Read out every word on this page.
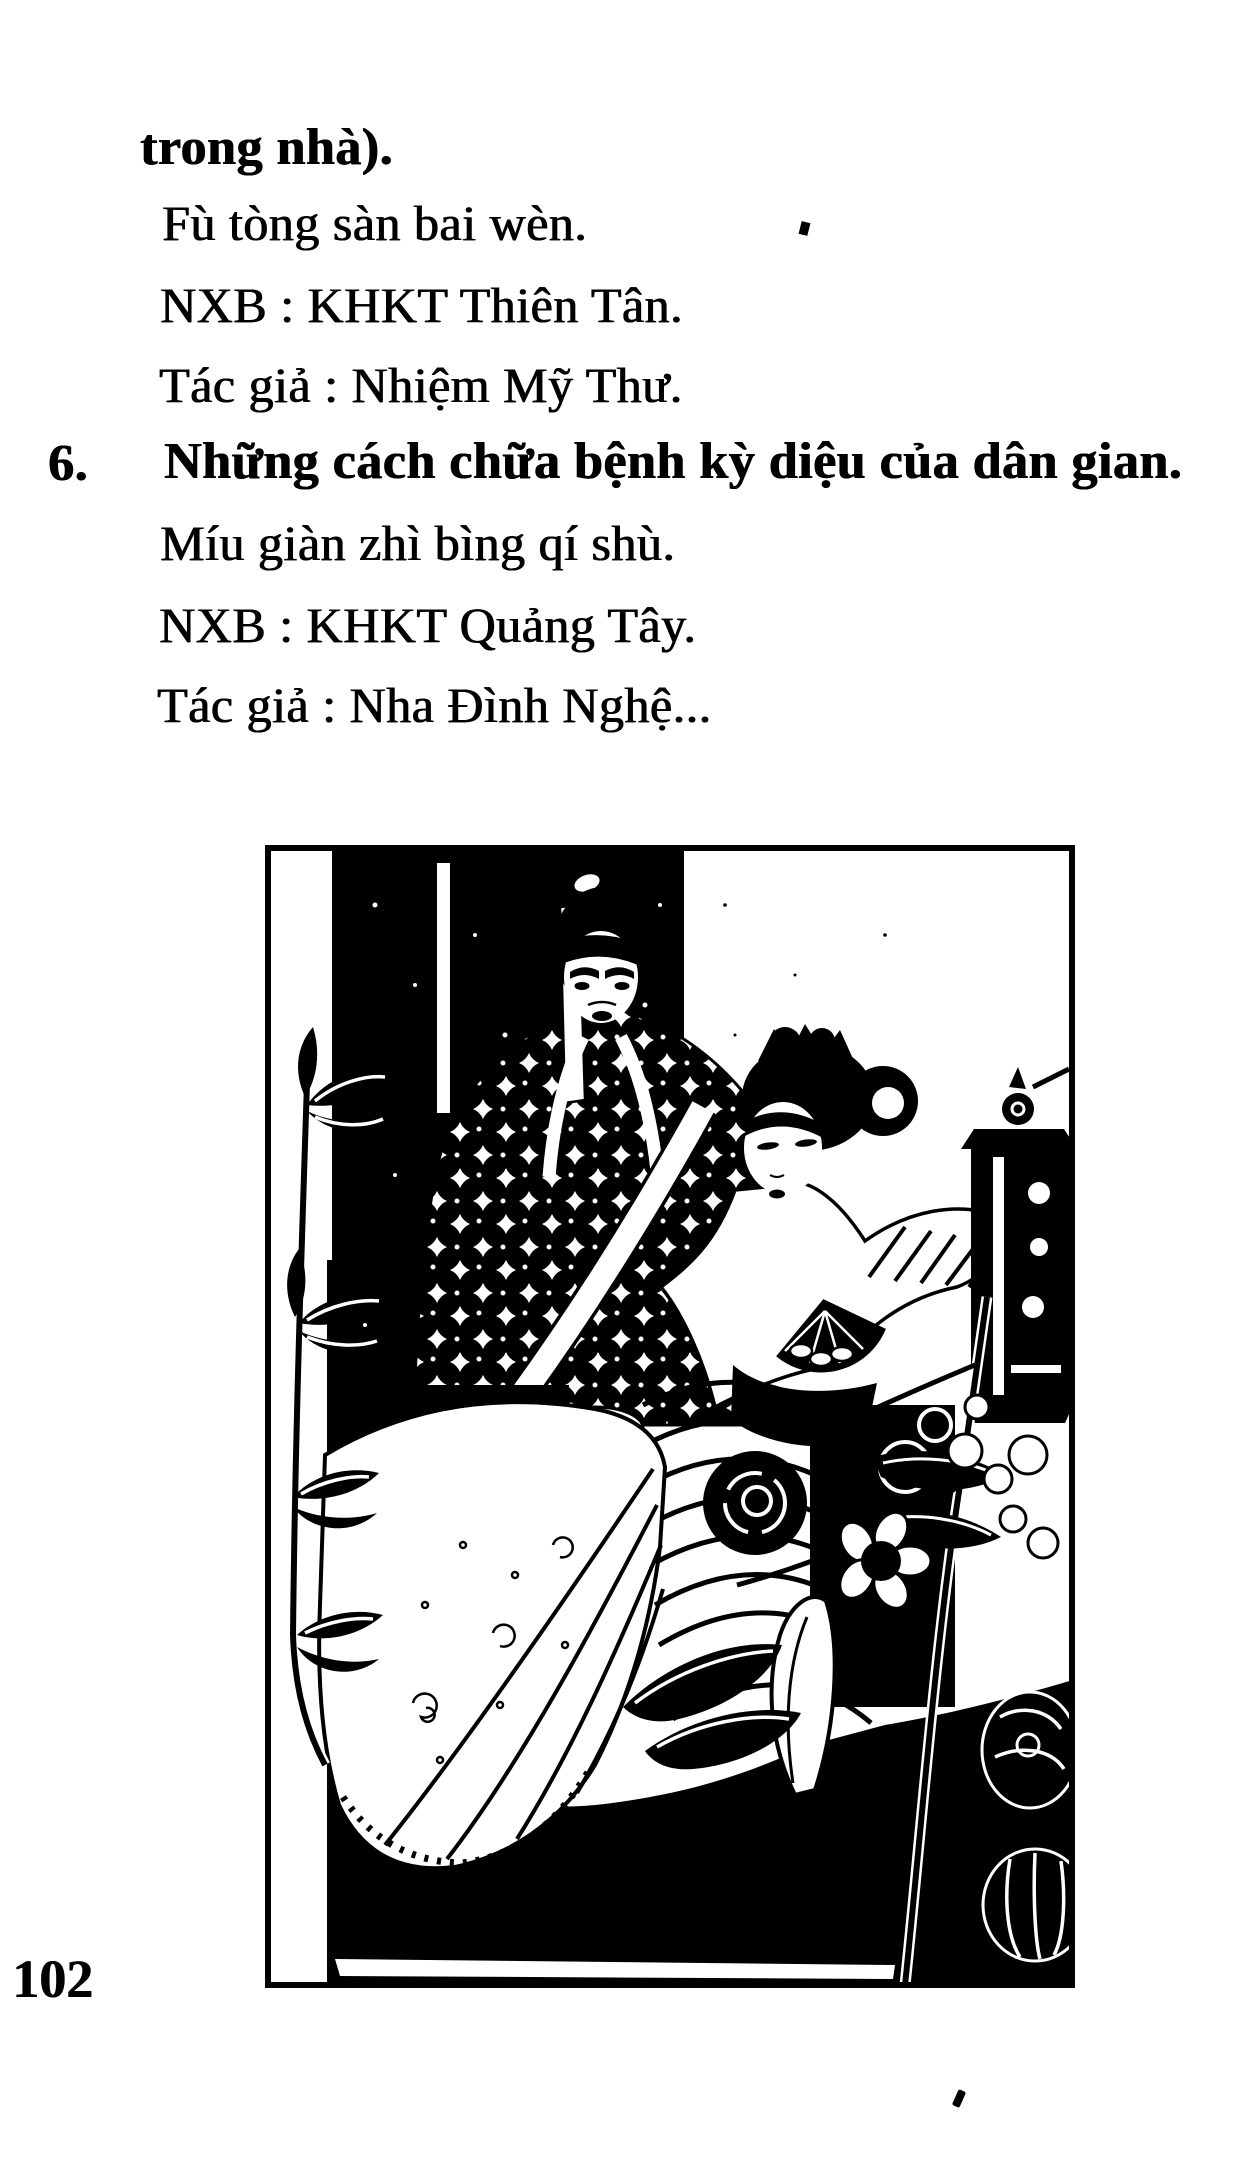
trong nhà).
Fù tòng sàn bai wèn.
NXB : KHKT Thiên Tân.
Tác giả : Nhiệm Mỹ Thư.
6. Những cách chữa bệnh kỳ diệu của dân gian.
Míu giàn zhì bìng qí shù.
NXB : KHKT Quảng Tây.
Tác giả : Nha Đình Nghệ...
102
